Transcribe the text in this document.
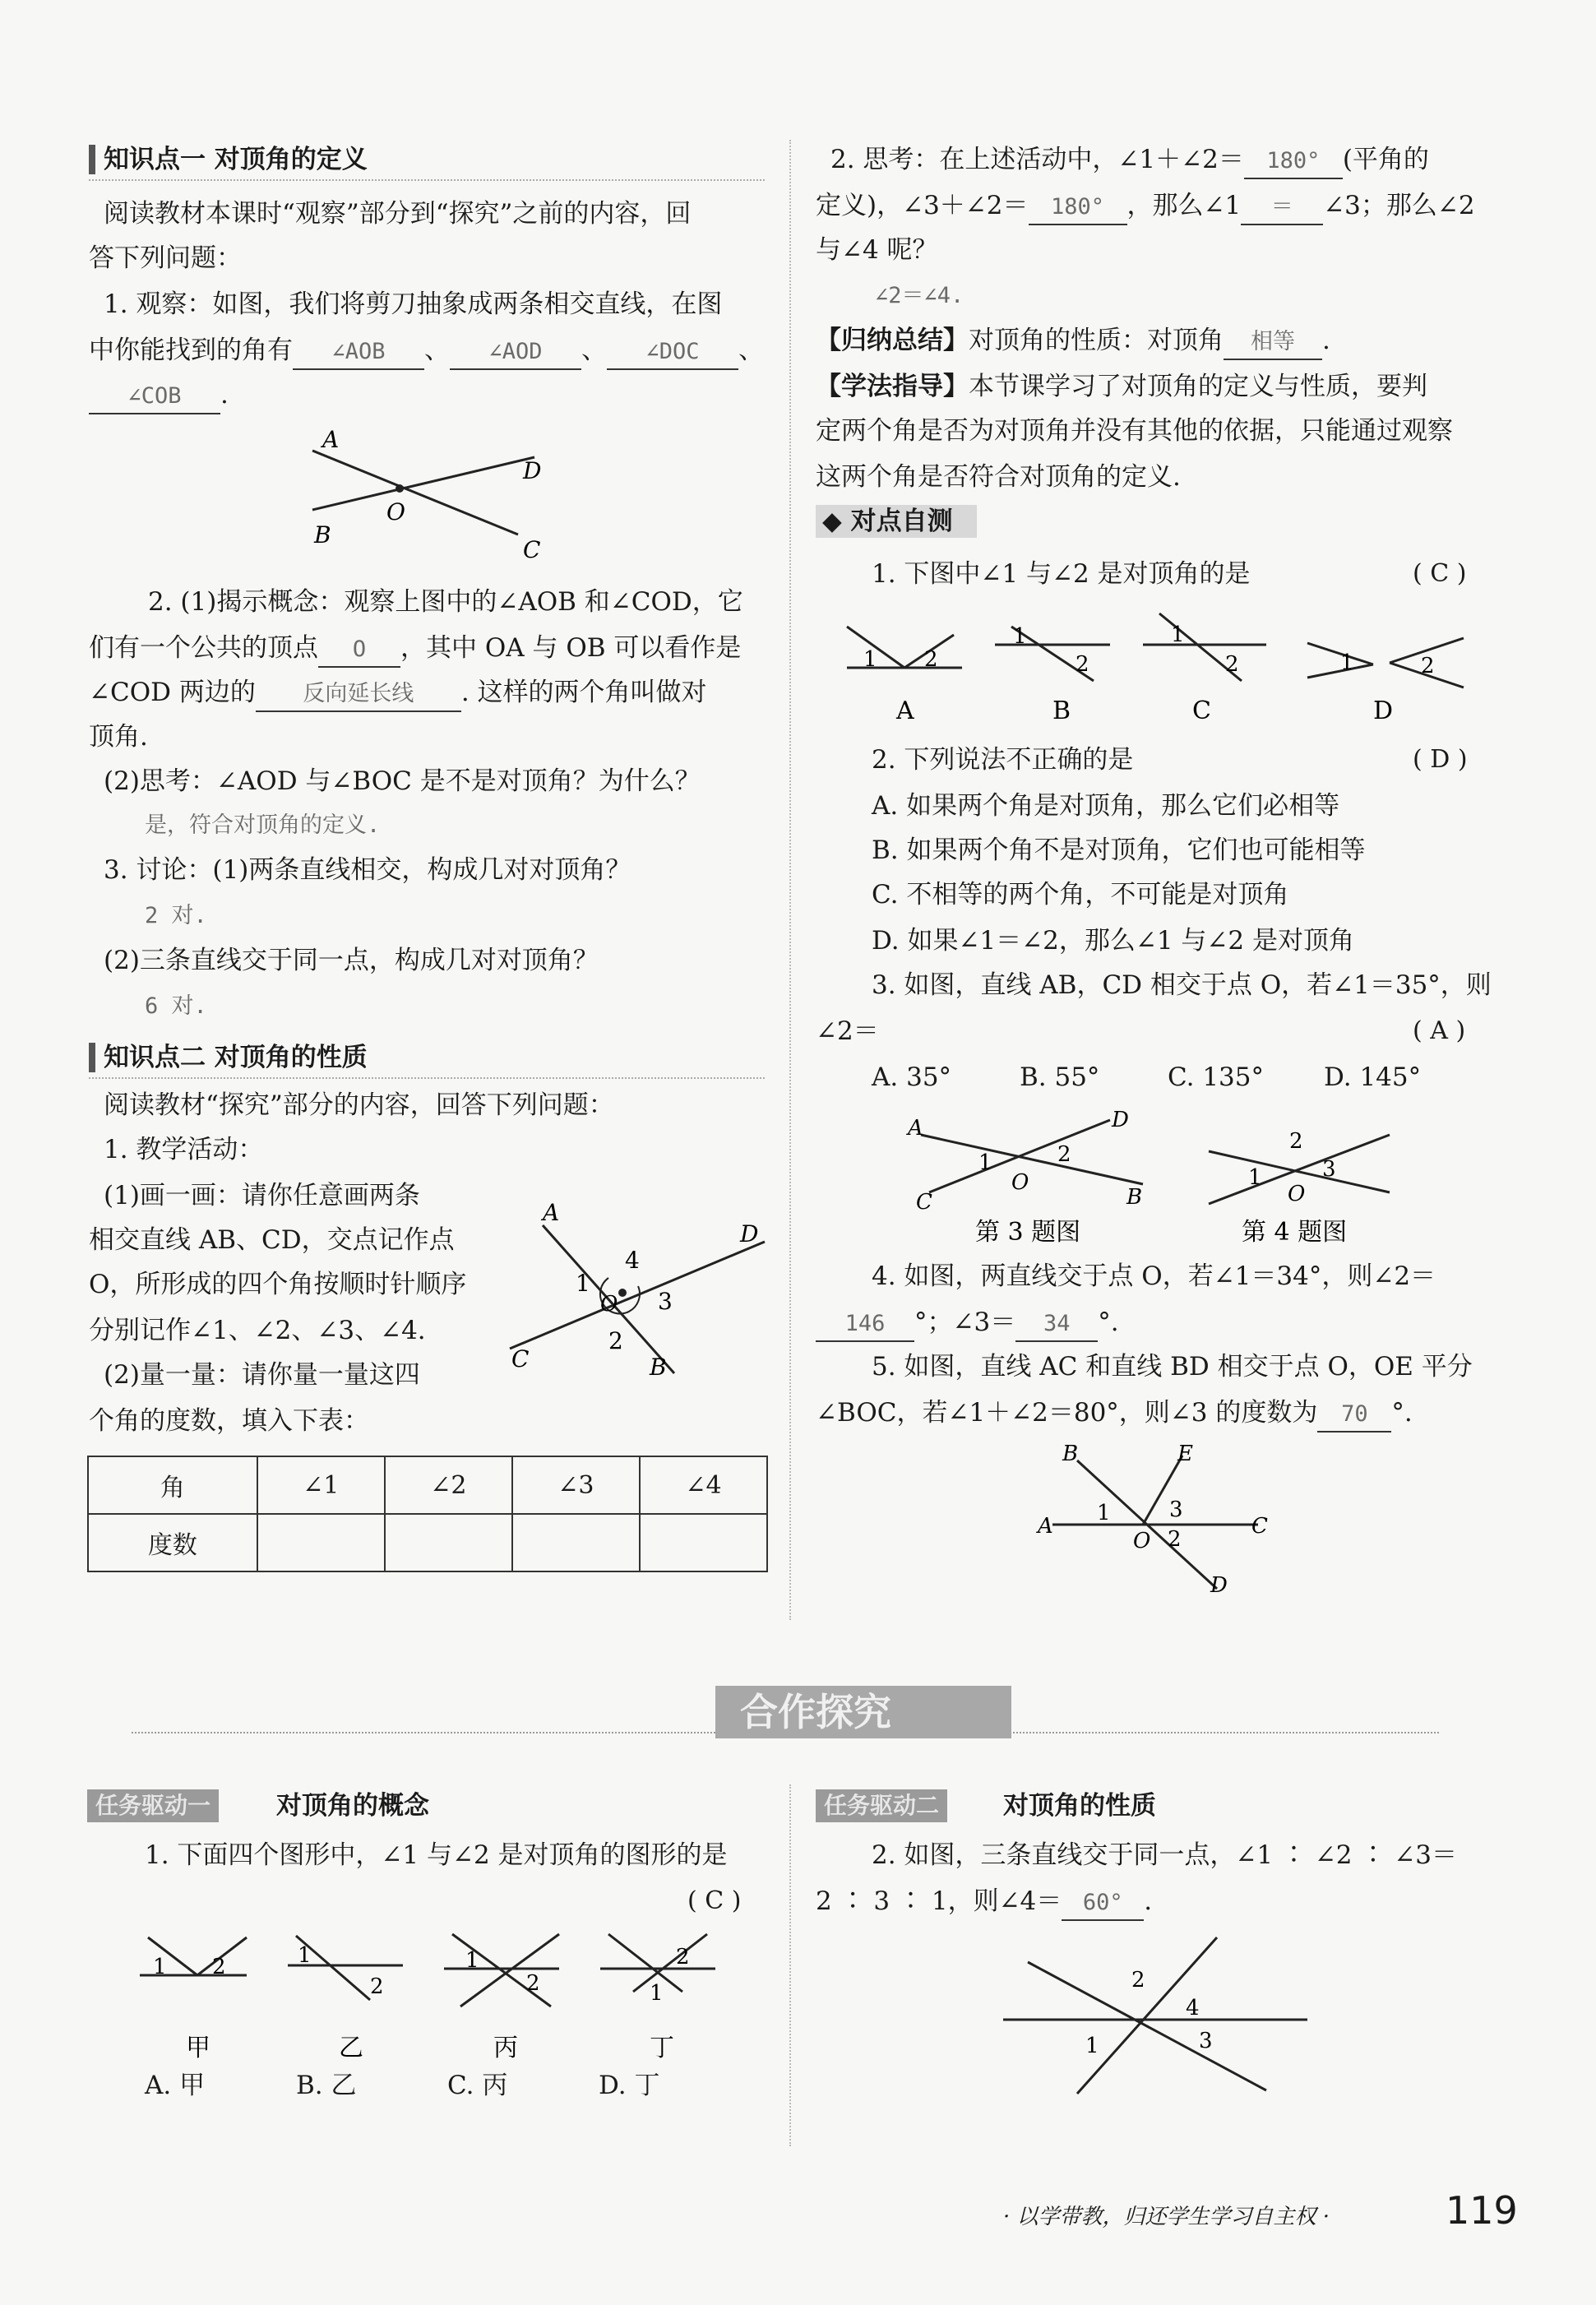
知识点一 对顶角的定义
阅读教材本课时“观察”部分到“探究”之前的内容，回
答下列问题：
1. 观察：如图，我们将剪刀抽象成两条相交直线，在图
中你能找到的角有 ∠AOB 、 ∠AOD 、 ∠DOC 、
∠COB .
A
D
O
B
C
2. (1)揭示概念：观察上图中的∠AOB 和∠COD，它
们有一个公共的顶点 O ，其中 OA 与 OB 可以看作是
∠COD 两边的 反向延长线 . 这样的两个角叫做对
顶角.
(2)思考：∠AOD 与∠BOC 是不是对顶角？为什么？
是，符合对顶角的定义.
3. 讨论：(1)两条直线相交，构成几对对顶角？
2 对.
(2)三条直线交于同一点，构成几对对顶角？
6 对.
知识点二 对顶角的性质
阅读教材“探究”部分的内容，回答下列问题：
1. 教学活动：
(1)画一画：请你任意画两条
相交直线 AB、CD，交点记作点
O，所形成的四个角按顺时针顺序
分别记作∠1、∠2、∠3、∠4.
(2)量一量：请你量一量这四
个角的度数，填入下表：
A
D
1
4
O 3
2
C	B
角	∠1	∠2	∠3	∠4
度数				
2. 思考：在上述活动中，∠1＋∠2＝ 180° (平角的
定义)，∠3＋∠2＝ 180° ，那么∠1 ＝ ∠3；那么∠2
与∠4 呢？
∠2＝∠4.
【归纳总结】对顶角的性质：对顶角 相等 .
【学法指导】本节课学习了对顶角的定义与性质，要判
定两个角是否为对顶角并没有其他的依据，只能通过观察
这两个角是否符合对顶角的定义.
◆ 对点自测
1. 下图中∠1 与∠2 是对顶角的是	( C )
1 2
1
2
1
2	1	2
A	B	C	D
2. 下列说法不正确的是	( D )
A. 如果两个角是对顶角，那么它们必相等
B. 如果两个角不是对顶角，它们也可能相等
C. 不相等的两个角，不可能是对顶角
D. 如果∠1＝∠2，那么∠1 与∠2 是对顶角
3. 如图，直线 AB，CD 相交于点 O，若∠1＝35°，则
∠2＝	( A )
A. 35°	B. 55°	C. 135° D. 145°
A	D
1	2
O
C	B
2
1	3
O
第 3 题图	第 4 题图
4. 如图，两直线交于点 O，若∠1＝34°，则∠2＝
146 °；∠3＝ 34 °.
5. 如图，直线 AC 和直线 BD 相交于点 O，OE 平分
∠BOC，若∠1＋∠2＝80°，则∠3 的度数为 70 °.
B	E
1	3
A	C
O 2
D
合作探究
任务驱动一	对顶角的概念
1. 下面四个图形中，∠1 与∠2 是对顶角的图形的是
( C )
1 2	1
2
1
2	1
2
甲	乙	丙	丁
A. 甲	B. 乙	C. 丙	D. 丁
任务驱动二	对顶角的性质
2. 如图，三条直线交于同一点，∠1 ∶ ∠2 ∶ ∠3＝
2 ∶ 3 ∶ 1，则∠4＝ 60° .
2
4
1	3
· 以学带教，归还学生学习自主权 ·	119
